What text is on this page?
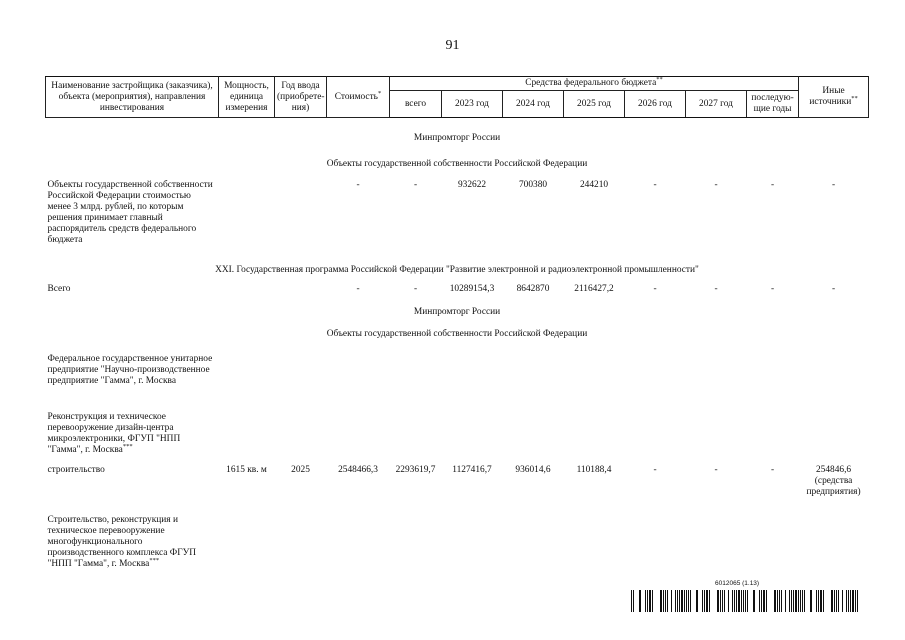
91
Наименование застройщика (заказчика), объекта (мероприятия), направления инвестирования	Мощность, единица измерения	Год ввода (приобрете-ния)	Стоимость*	Средства федерального бюджета**							Иные источники**
				всего	2023 год	2024 год	2025 год	2026 год	2027 год	последую-щие годы	
Минпромторг России											
Объекты государственной собственности Российской Федерации											

Объекты государственной собственности Российской Федерации стоимостью менее 3 млрд. рублей, по которым решения принимает главный распорядитель средств федерального бюджета			-	-	932622	700380	244210	-	-	-	-
XXI. Государственная программа Российской Федерации "Развитие электронной и радиоэлектронной промышленности"											

Всего			-	-	10289154,3	8642870	2116427,2	-	-	-	-
Минпромторг России											
Объекты государственной собственности Российской Федерации											

Федеральное государственное унитарное предприятие "Научно-производственное предприятие "Гамма", г. Москва											
Реконструкция и техническое перевооружение дизайн-центра микроэлектроники, ФГУП "НПП "Гамма", г. Москва***	
строительство	1615 кв. м	2025	2548466,3	2293619,7	1127416,7	936014,6	110188,4	-	-	-	254846,6 (средства предприятия)
Строительство, реконструкция и техническое перевооружение многофункционального производственного комплекса ФГУП "НПП "Гамма", г. Москва***	
6012065 (1.13)
